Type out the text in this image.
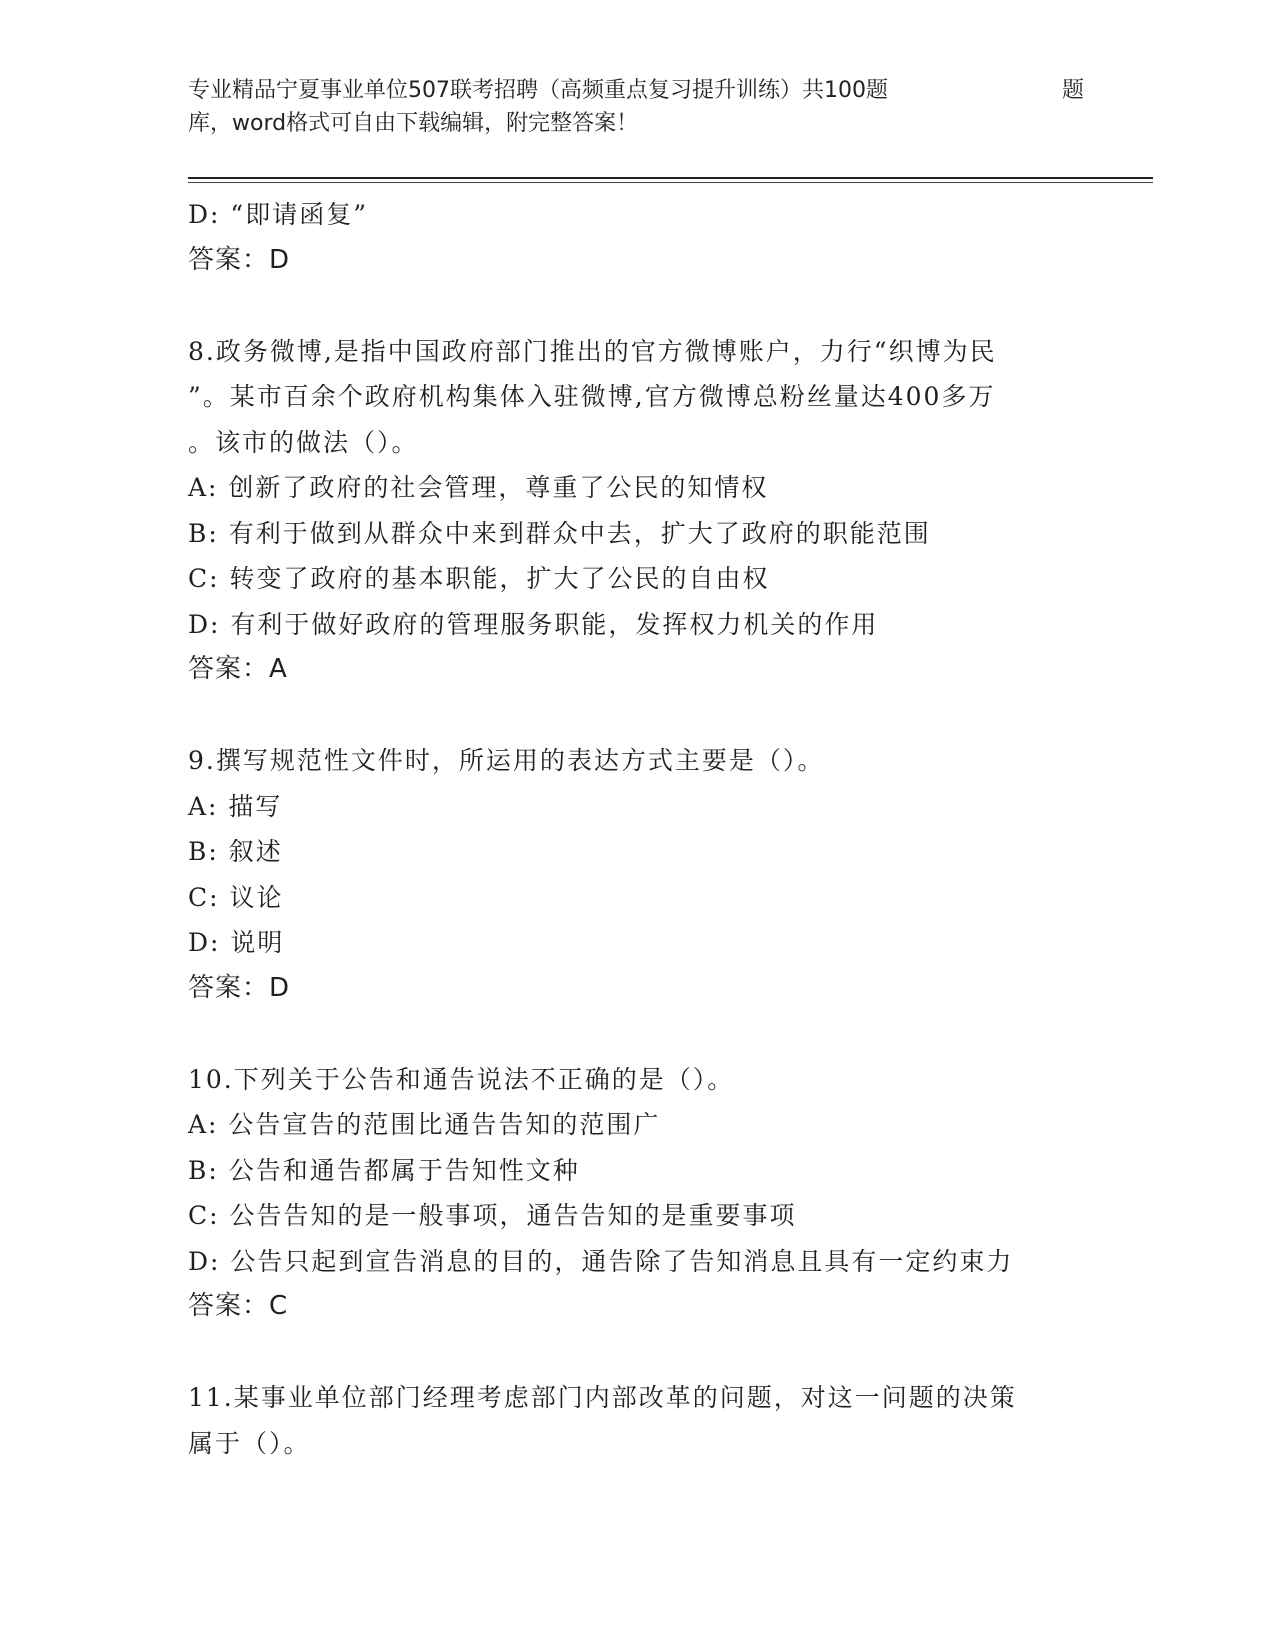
专业精品宁夏事业单位507联考招聘（高频重点复习提升训练）共100题	题
库，word格式可自由下载编辑，附完整答案！
D: “即请函复”
答案：D
8.政务微博,是指中国政府部门推出的官方微博账户，力行“织博为民
”。某市百余个政府机构集体入驻微博,官方微博总粉丝量达400多万
。该市的做法（）。
A: 创新了政府的社会管理，尊重了公民的知情权
B: 有利于做到从群众中来到群众中去，扩大了政府的职能范围
C: 转变了政府的基本职能，扩大了公民的自由权
D: 有利于做好政府的管理服务职能，发挥权力机关的作用
答案：A
9.撰写规范性文件时，所运用的表达方式主要是（）。
A: 描写
B: 叙述
C: 议论
D: 说明
答案：D
10.下列关于公告和通告说法不正确的是（）。
A: 公告宣告的范围比通告告知的范围广
B: 公告和通告都属于告知性文种
C: 公告告知的是一般事项，通告告知的是重要事项
D: 公告只起到宣告消息的目的，通告除了告知消息且具有一定约束力
答案：C
11.某事业单位部门经理考虑部门内部改革的问题，对这一问题的决策
属于（）。
